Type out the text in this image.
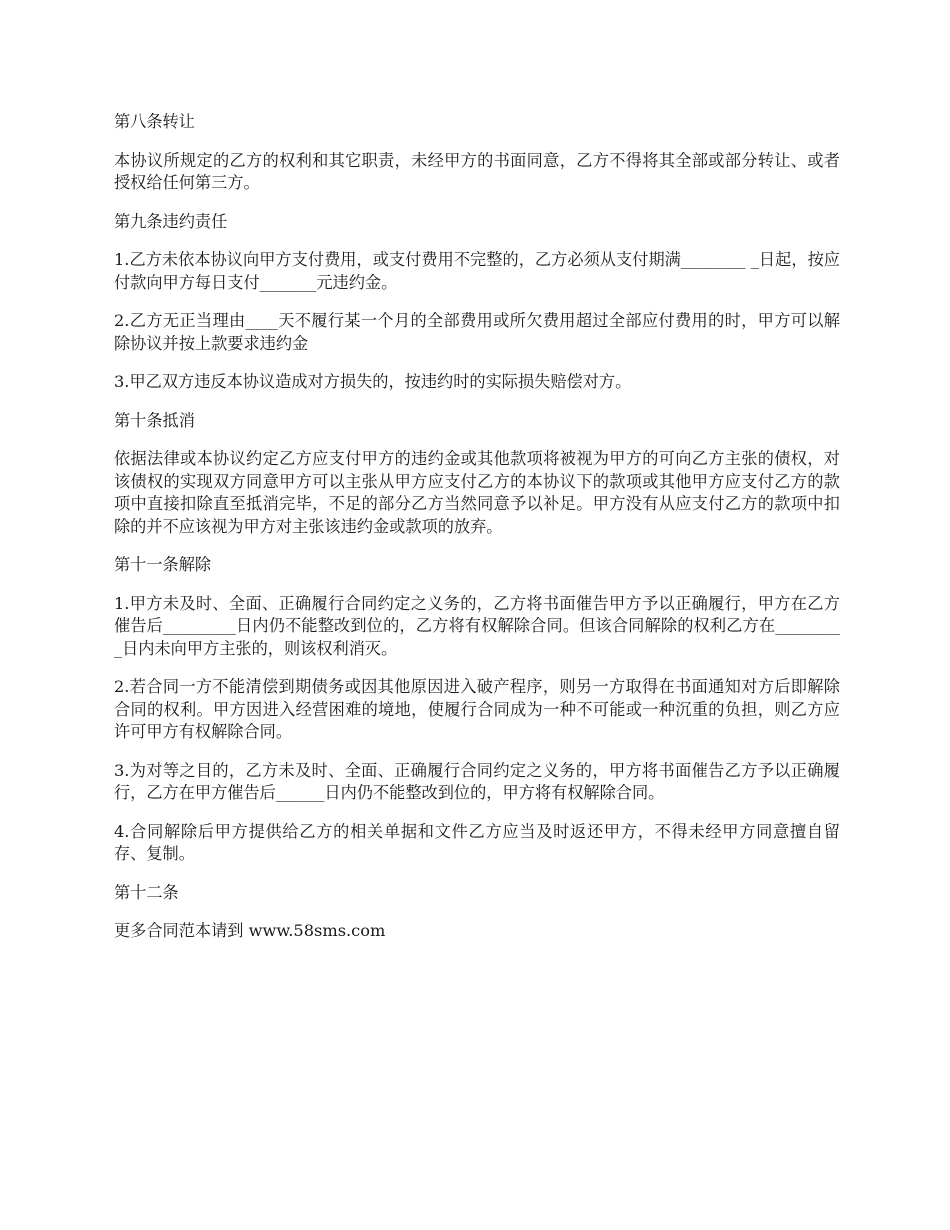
第八条转让

本协议所规定的乙方的权利和其它职责，未经甲方的书面同意，乙方不得将其全部或部分转让、或者授权给任何第三方。

第九条违约责任

1.乙方未依本协议向甲方支付费用，或支付费用不完整的，乙方必须从支付期满________ _日起，按应付款向甲方每日支付_______元违约金。

2.乙方无正当理由____天不履行某一个月的全部费用或所欠费用超过全部应付费用的时，甲方可以解除协议并按上款要求违约金

3.甲乙双方违反本协议造成对方损失的，按违约时的实际损失赔偿对方。

第十条抵消

依据法律或本协议约定乙方应支付甲方的违约金或其他款项将被视为甲方的可向乙方主张的债权，对该债权的实现双方同意甲方可以主张从甲方应支付乙方的本协议下的款项或其他甲方应支付乙方的款项中直接扣除直至抵消完毕，不足的部分乙方当然同意予以补足。甲方没有从应支付乙方的款项中扣除的并不应该视为甲方对主张该违约金或款项的放弃。

第十一条解除

1.甲方未及时、全面、正确履行合同约定之义务的，乙方将书面催告甲方予以正确履行，甲方在乙方催告后_________日内仍不能整改到位的，乙方将有权解除合同。但该合同解除的权利乙方在_________日内未向甲方主张的，则该权利消灭。

2.若合同一方不能清偿到期债务或因其他原因进入破产程序，则另一方取得在书面通知对方后即解除合同的权利。甲方因进入经营困难的境地，使履行合同成为一种不可能或一种沉重的负担，则乙方应许可甲方有权解除合同。

3.为对等之目的，乙方未及时、全面、正确履行合同约定之义务的，甲方将书面催告乙方予以正确履行，乙方在甲方催告后______日内仍不能整改到位的，甲方将有权解除合同。

4.合同解除后甲方提供给乙方的相关单据和文件乙方应当及时返还甲方，不得未经甲方同意擅自留存、复制。

第十二条

更多合同范本请到 www.58sms.com
